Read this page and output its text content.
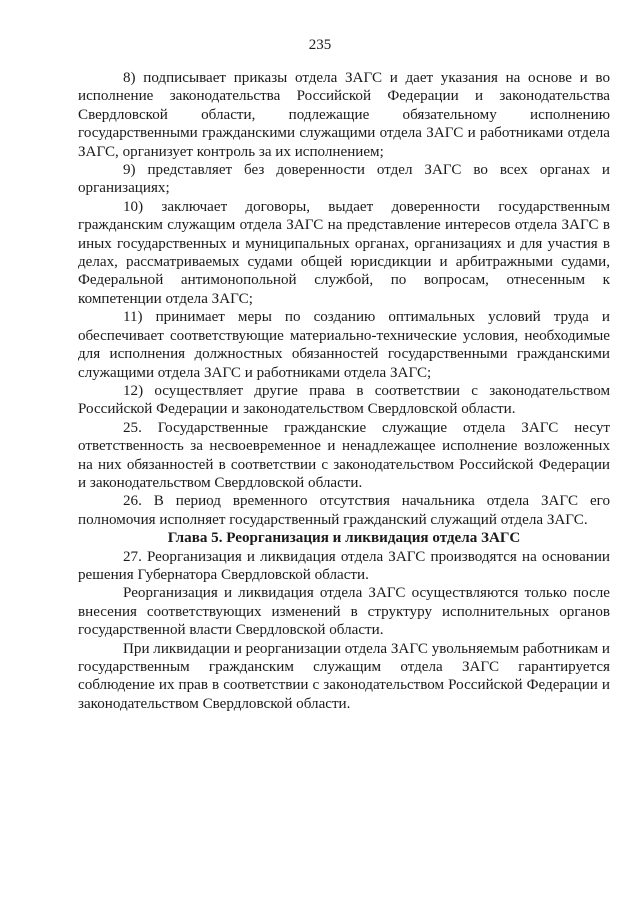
235

8) подписывает приказы отдела ЗАГС и дает указания на основе и во исполнение законодательства Российской Федерации и законодательства Свердловской области, подлежащие обязательному исполнению государственными гражданскими служащими отдела ЗАГС и работниками отдела ЗАГС, организует контроль за их исполнением;

9) представляет без доверенности отдел ЗАГС во всех органах и организациях;

10) заключает договоры, выдает доверенности государственным гражданским служащим отдела ЗАГС на представление интересов отдела ЗАГС в иных государственных и муниципальных органах, организациях и для участия в делах, рассматриваемых судами общей юрисдикции и арбитражными судами, Федеральной антимонопольной службой, по вопросам, отнесенным к компетенции отдела ЗАГС;

11) принимает меры по созданию оптимальных условий труда и обеспечивает соответствующие материально-технические условия, необходимые для исполнения должностных обязанностей государственными гражданскими служащими отдела ЗАГС и работниками отдела ЗАГС;

12) осуществляет другие права в соответствии с законодательством Российской Федерации и законодательством Свердловской области.

25. Государственные гражданские служащие отдела ЗАГС несут ответственность за несвоевременное и ненадлежащее исполнение возложенных на них обязанностей в соответствии с законодательством Российской Федерации и законодательством Свердловской области.

26. В период временного отсутствия начальника отдела ЗАГС его полномочия исполняет государственный гражданский служащий отдела ЗАГС.

Глава 5. Реорганизация и ликвидация отдела ЗАГС

27. Реорганизация и ликвидация отдела ЗАГС производятся на основании решения Губернатора Свердловской области.

Реорганизация и ликвидация отдела ЗАГС осуществляются только после внесения соответствующих изменений в структуру исполнительных органов государственной власти Свердловской области.

При ликвидации и реорганизации отдела ЗАГС увольняемым работникам и государственным гражданским служащим отдела ЗАГС гарантируется соблюдение их прав в соответствии с законодательством Российской Федерации и законодательством Свердловской области.
